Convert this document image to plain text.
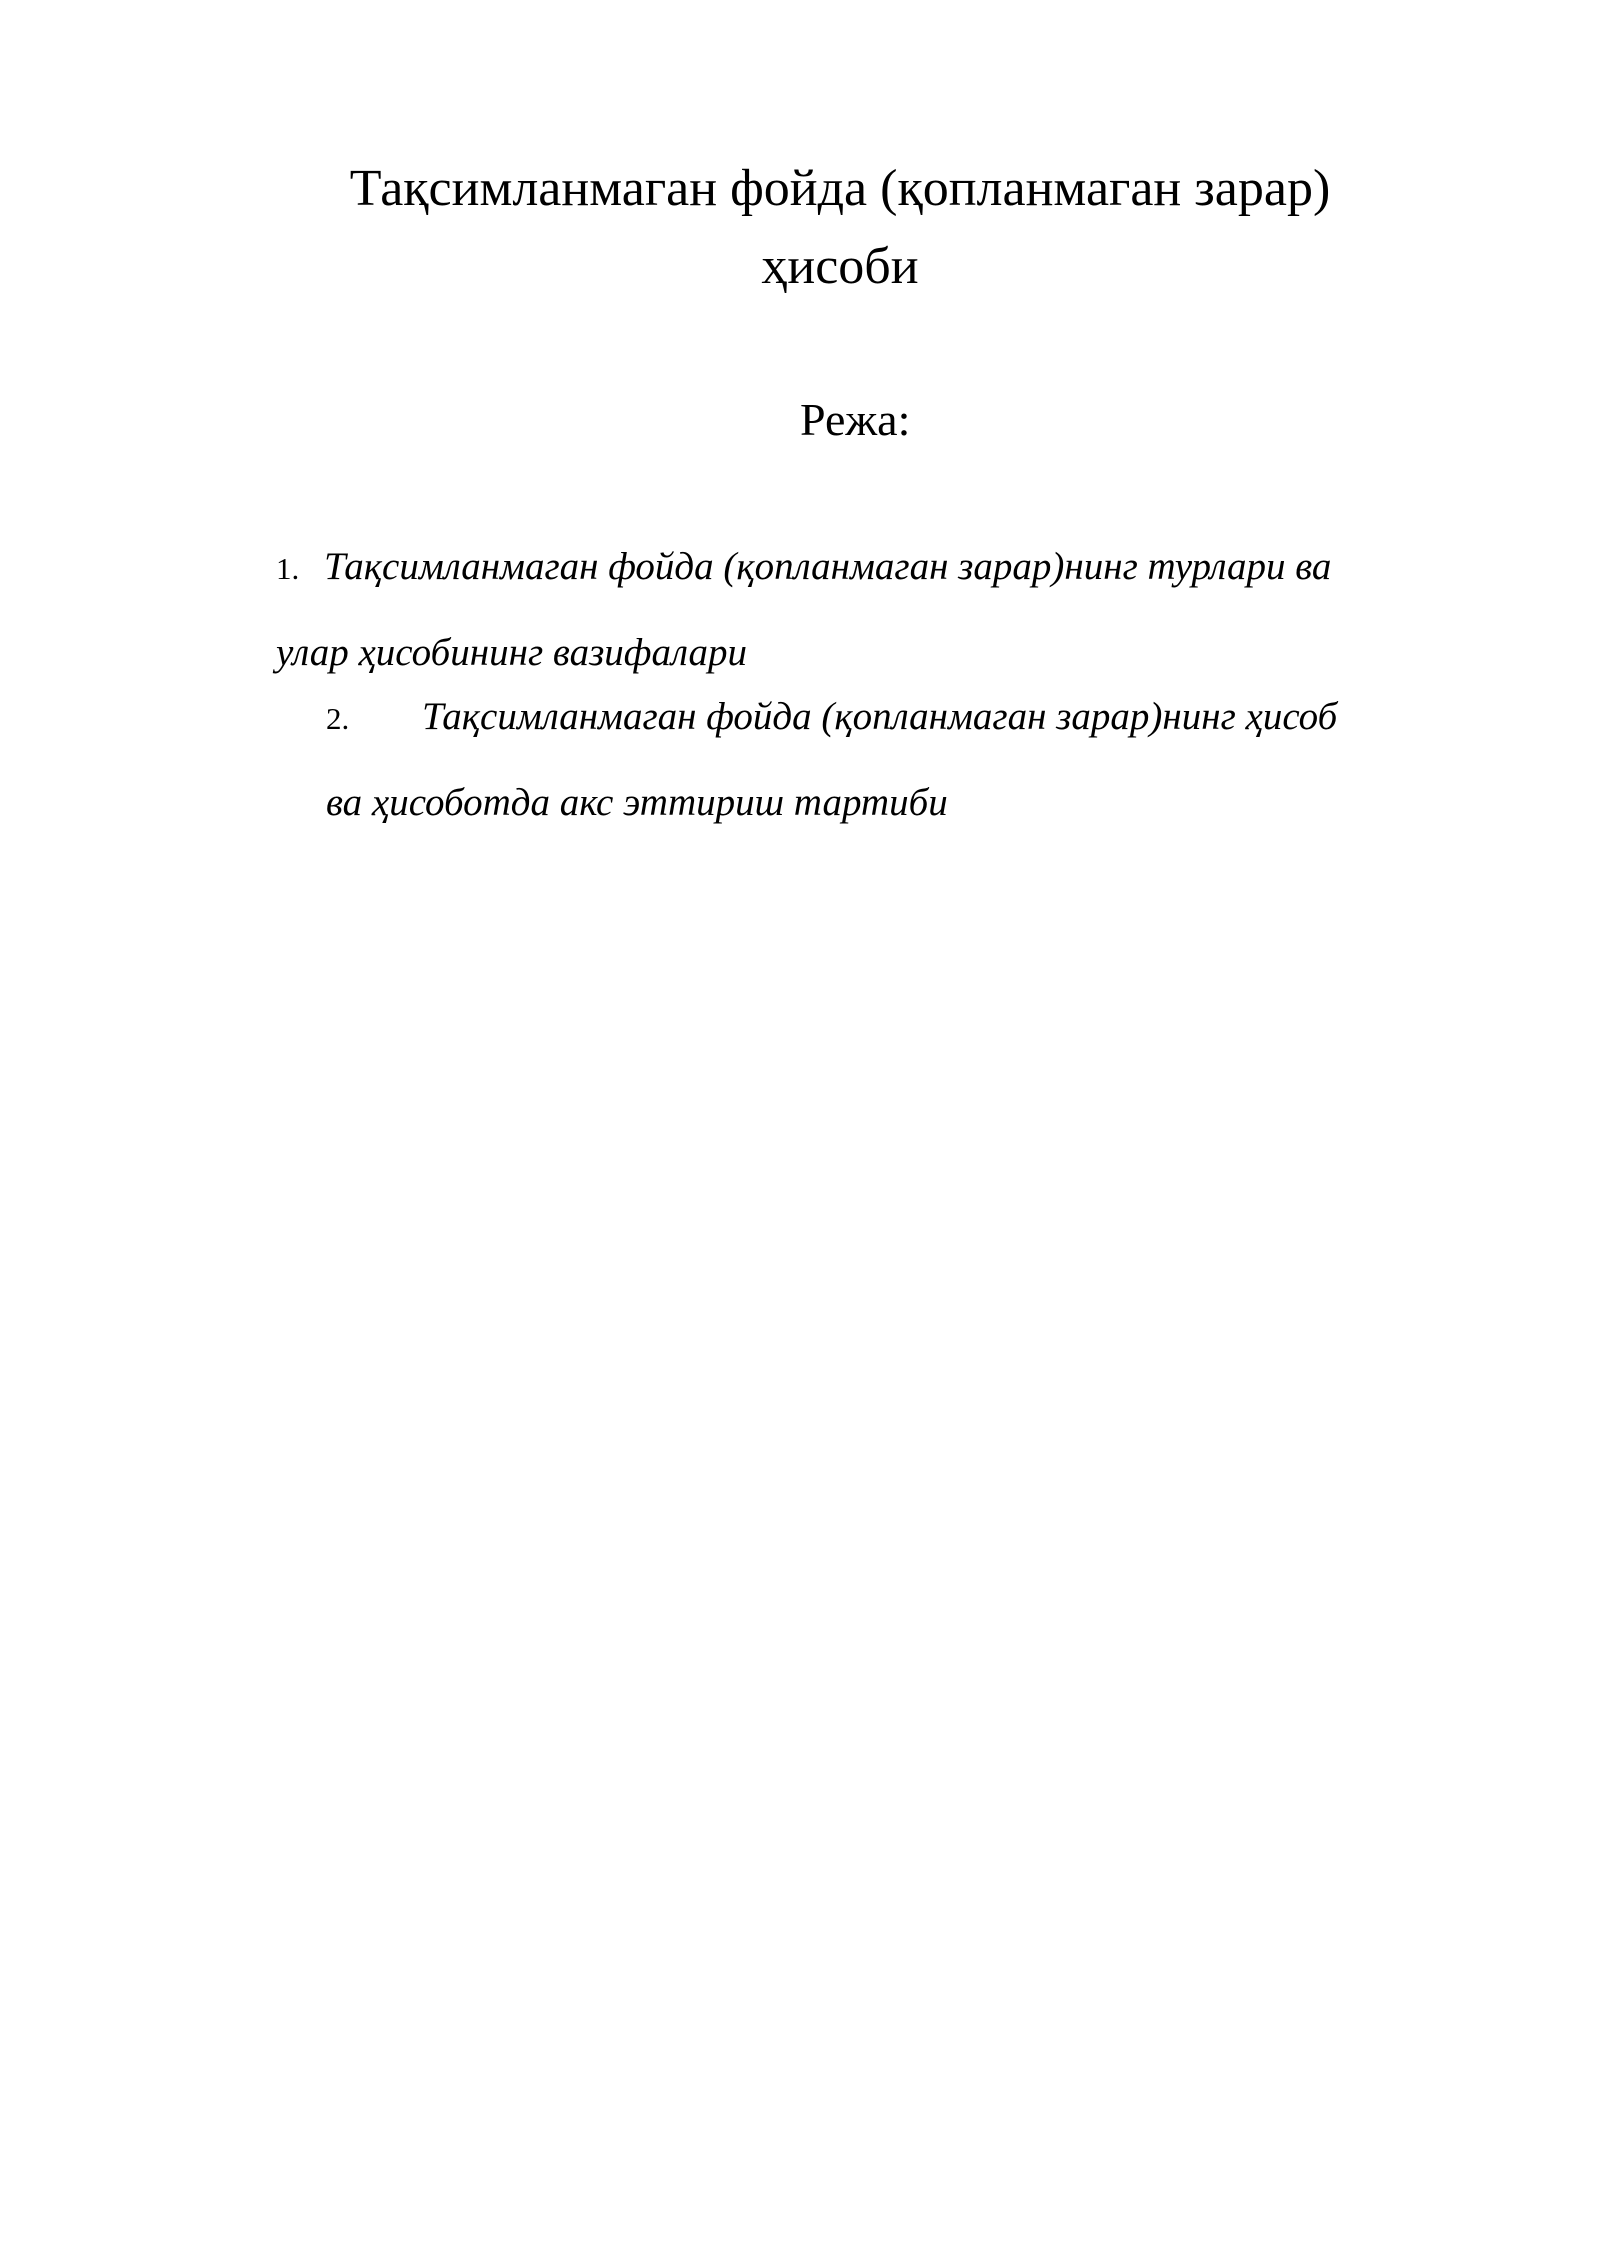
Тақсимланмаган фойда (қопланмаган зарар)
ҳисоби

Режа:

1. Тақсимланмаган фойда (қопланмаган зарар)нинг турлари ва
улар ҳисобининг вазифалари

2. Тақсимланмаган фойда (қопланмаган зарар)нинг ҳисоб
ва ҳисоботда акс эттириш тартиби
